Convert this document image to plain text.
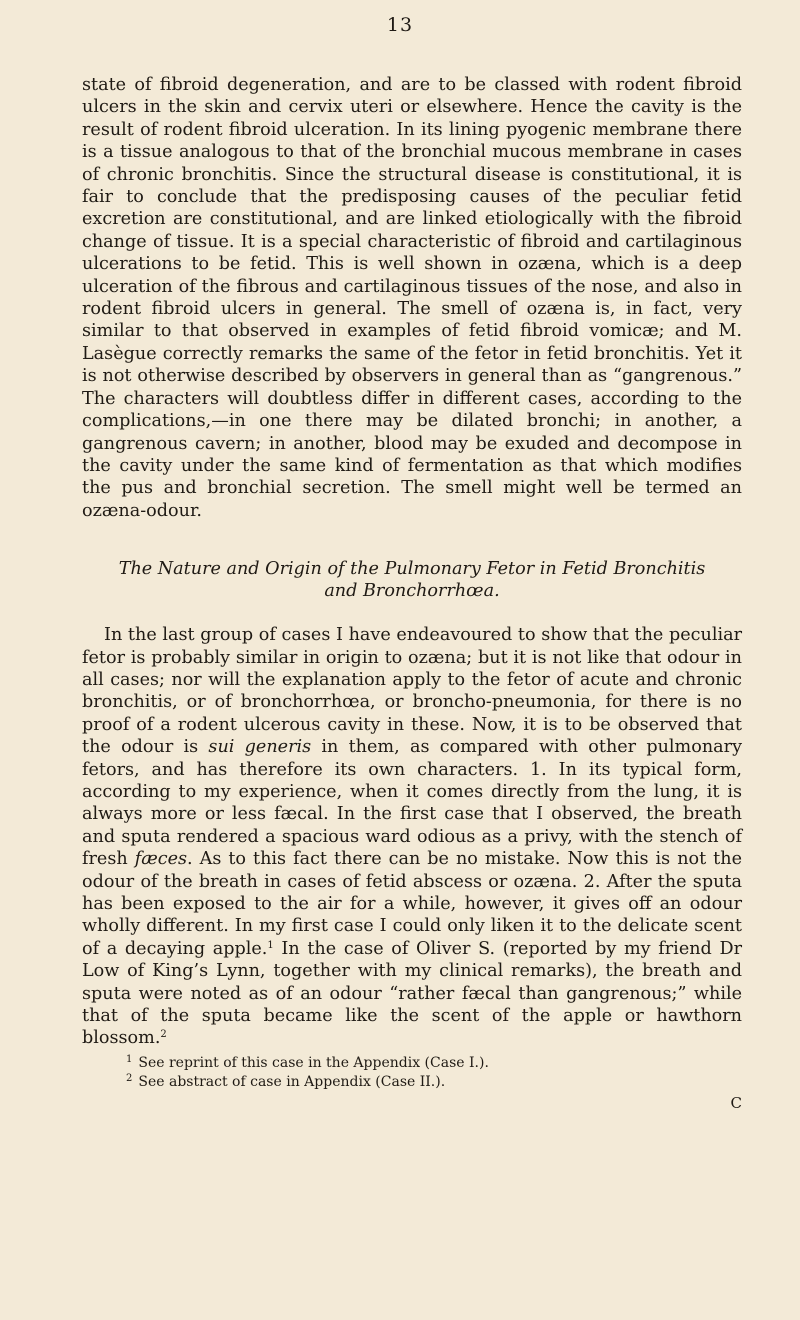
13

state of fibroid degeneration, and are to be classed with rodent fibroid ulcers in the skin and cervix uteri or elsewhere. Hence the cavity is the result of rodent fibroid ulceration. In its lining pyogenic membrane there is a tissue analogous to that of the bronchial mucous membrane in cases of chronic bronchitis. Since the structural disease is constitutional, it is fair to conclude that the predisposing causes of the peculiar fetid excretion are constitutional, and are linked etiologically with the fibroid change of tissue. It is a special characteristic of fibroid and cartilaginous ulcerations to be fetid. This is well shown in ozæna, which is a deep ulceration of the fibrous and cartilaginous tissues of the nose, and also in rodent fibroid ulcers in general. The smell of ozæna is, in fact, very similar to that observed in examples of fetid fibroid vomicæ; and M. Lasègue correctly remarks the same of the fetor in fetid bronchitis. Yet it is not otherwise described by observers in general than as “gangrenous.” The characters will doubtless differ in different cases, according to the complications,—in one there may be dilated bronchi; in another, a gangrenous cavern; in another, blood may be exuded and decompose in the cavity under the same kind of fermentation as that which modifies the pus and bronchial secretion. The smell might well be termed an ozæna-odour.

The Nature and Origin of the Pulmonary Fetor in Fetid Bronchitis
and Bronchorrhœa.

In the last group of cases I have endeavoured to show that the peculiar fetor is probably similar in origin to ozæna; but it is not like that odour in all cases; nor will the explanation apply to the fetor of acute and chronic bronchitis, or of bronchorrhœa, or broncho-pneumonia, for there is no proof of a rodent ulcerous cavity in these. Now, it is to be observed that the odour is sui generis in them, as compared with other pulmonary fetors, and has therefore its own characters. 1. In its typical form, according to my experience, when it comes directly from the lung, it is always more or less fæcal. In the first case that I observed, the breath and sputa rendered a spacious ward odious as a privy, with the stench of fresh fæces. As to this fact there can be no mistake. Now this is not the odour of the breath in cases of fetid abscess or ozæna. 2. After the sputa has been exposed to the air for a while, however, it gives off an odour wholly different. In my first case I could only liken it to the delicate scent of a decaying apple.$^1$ In the case of Oliver S. (reported by my friend Dr Low of King’s Lynn, together with my clinical remarks), the breath and sputa were noted as of an odour “rather fæcal than gangrenous;” while that of the sputa became like the scent of the apple or hawthorn blossom.$^2$

$^1$ See reprint of this case in the Appendix (Case I.).

$^2$ See abstract of case in Appendix (Case II.).

C
